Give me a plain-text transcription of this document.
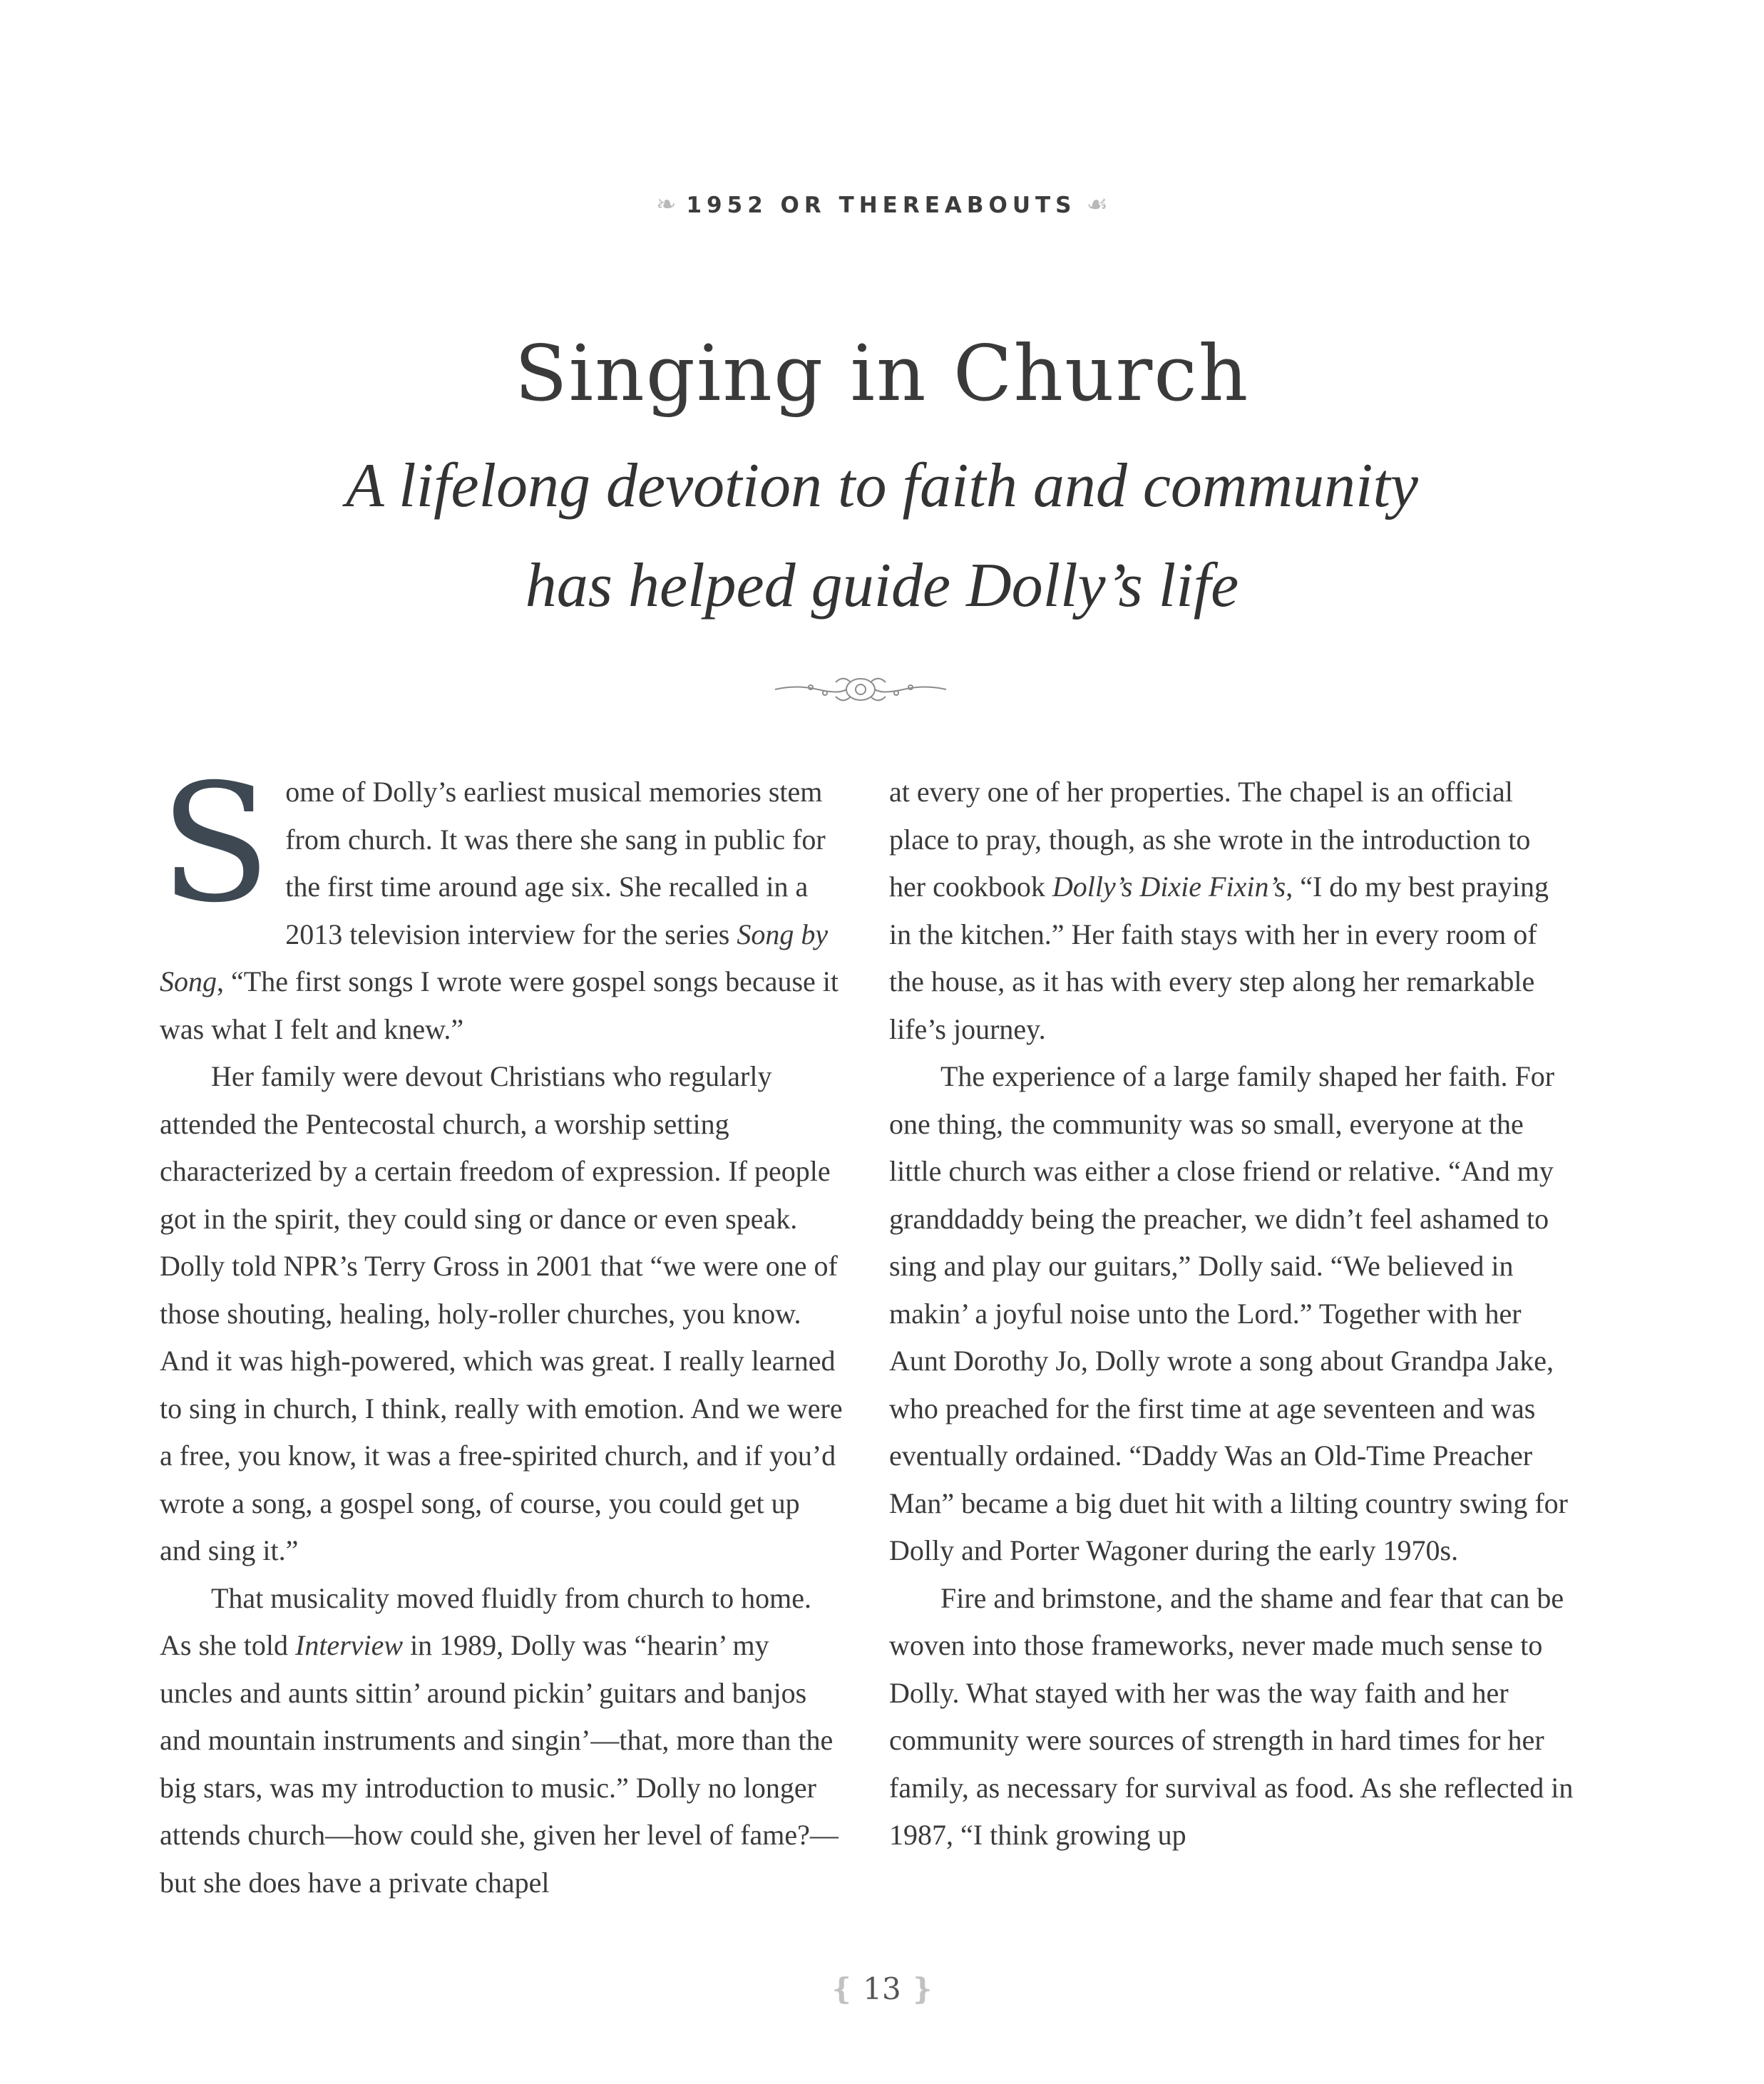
❧ 1952 OR THEREABOUTS ☙
Singing in Church
A lifelong devotion to faith and community
has helped guide Dolly’s life

Some of Dolly’s earliest musical memories stem from church. It was there she sang in public for the first time around age six. She recalled in a 2013 television interview for the series Song by Song, “The first songs I wrote were gospel songs because it was what I felt and knew.”

Her family were devout Christians who regularly attended the Pentecostal church, a worship setting characterized by a certain freedom of expression. If people got in the spirit, they could sing or dance or even speak. Dolly told NPR’s Terry Gross in 2001 that “we were one of those shouting, healing, holy-roller churches, you know. And it was high-powered, which was great. I really learned to sing in church, I think, really with emotion. And we were a free, you know, it was a free-spirited church, and if you’d wrote a song, a gospel song, of course, you could get up and sing it.”

That musicality moved fluidly from church to home. As she told Interview in 1989, Dolly was “hearin’ my uncles and aunts sittin’ around pickin’ guitars and banjos and mountain instruments and singin’—that, more than the big stars, was my introduction to music.” Dolly no longer attends church—how could she, given her level of fame?—but she does have a private chapel

at every one of her properties. The chapel is an official place to pray, though, as she wrote in the introduction to her cookbook Dolly’s Dixie Fixin’s, “I do my best praying in the kitchen.” Her faith stays with her in every room of the house, as it has with every step along her remarkable life’s journey.

The experience of a large family shaped her faith. For one thing, the community was so small, everyone at the little church was either a close friend or relative. “And my granddaddy being the preacher, we didn’t feel ashamed to sing and play our guitars,” Dolly said. “We believed in makin’ a joyful noise unto the Lord.” Together with her Aunt Dorothy Jo, Dolly wrote a song about Grandpa Jake, who preached for the first time at age seventeen and was eventually ordained. “Daddy Was an Old-Time Preacher Man” became a big duet hit with a lilting country swing for Dolly and Porter Wagoner during the early 1970s.

Fire and brimstone, and the shame and fear that can be woven into those frameworks, never made much sense to Dolly. What stayed with her was the way faith and her community were sources of strength in hard times for her family, as necessary for survival as food. As she reflected in 1987, “I think growing up

❴ 13 ❵
